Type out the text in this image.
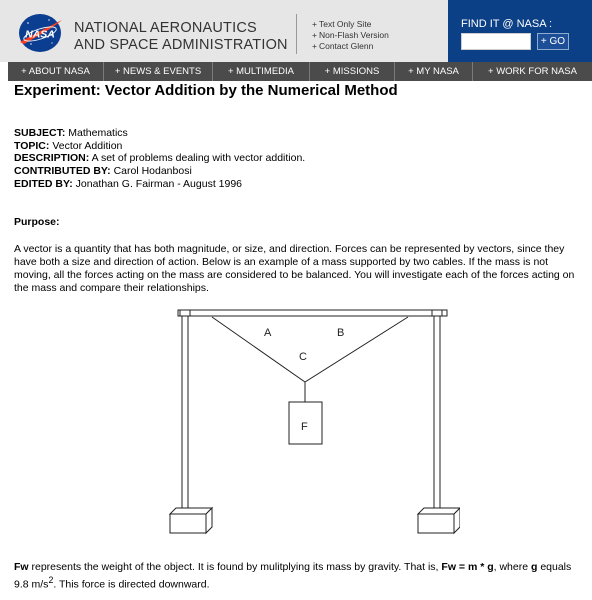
NASA NATIONAL AERONAUTICS
AND SPACE ADMINISTRATION
+ Text Only Site
+ Non-Flash Version
+ Contact Glenn
FIND IT @ NASA :
+ GO
+ ABOUT NASA	+ NEWS & EVENTS	+ MULTIMEDIA	+ MISSIONS	+ MY NASA	+ WORK FOR NASA
Experiment: Vector Addition by the Numerical Method
SUBJECT: Mathematics
TOPIC: Vector Addition
DESCRIPTION: A set of problems dealing with vector addition.
CONTRIBUTED BY: Carol Hodanbosi
EDITED BY: Jonathan G. Fairman - August 1996
Purpose:

A vector is a quantity that has both magnitude, or size, and direction. Forces can be represented by vectors, since they have both a size and direction of action. Below is an example of a mass supported by two cables. If the mass is not moving, all the forces acting on the mass are considered to be balanced. You will investigate each of the forces acting on the mass and compare their relationships.

A	B
C
F

Fw represents the weight of the object. It is found by mulitplying its mass by gravity. That is, Fw = m * g, where g equals 9.8 $m/s^2$. This force is directed downward.
